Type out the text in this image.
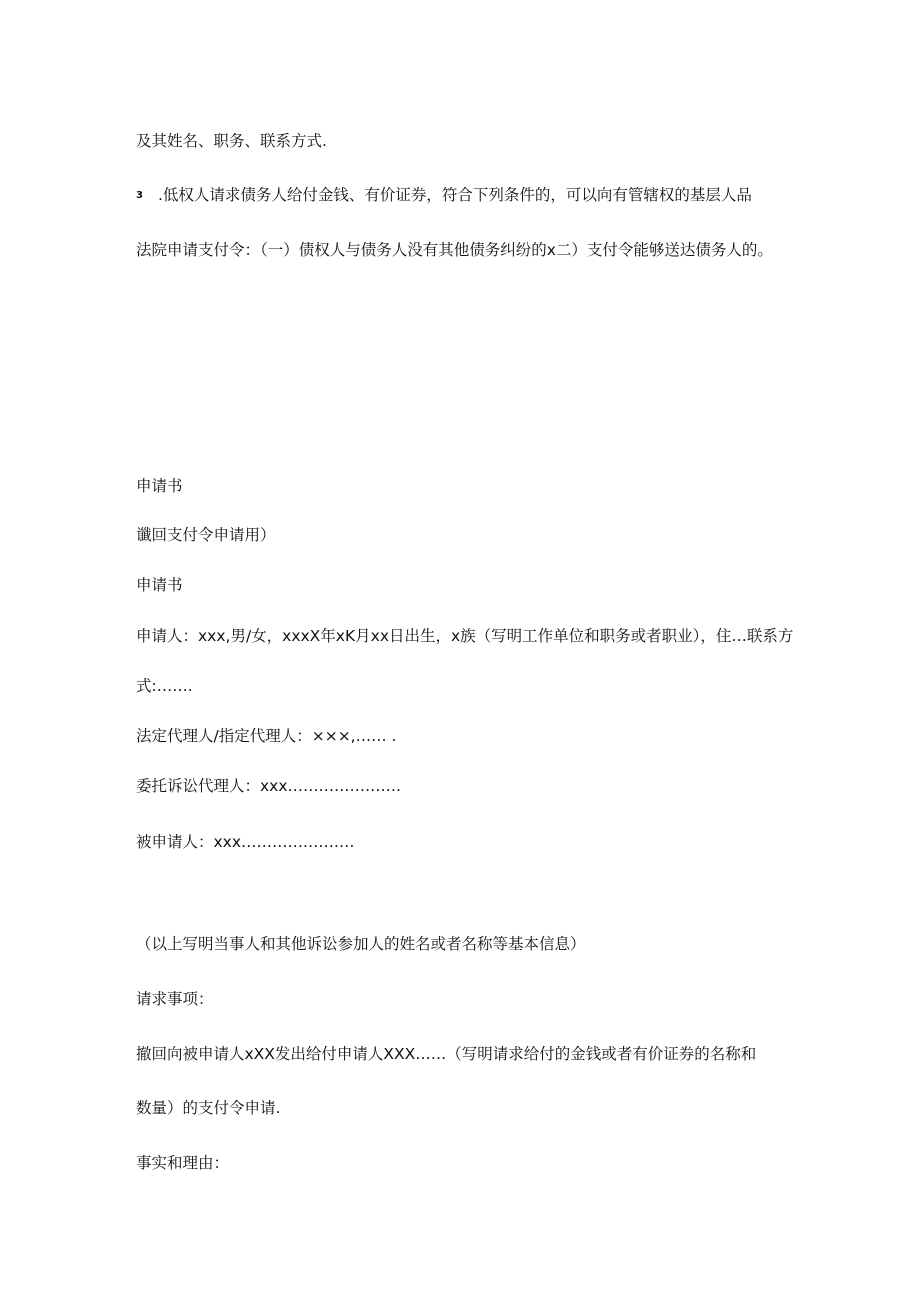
及其姓名、职务、联系方式.
3 .低权人请求债务人给付金钱、有价证券，符合下列条件的，可以向有管辖权的基层人品
法院申请支付令：（一）债权人与债务人没有其他债务纠纷的x二）支付令能够送达债务人的。
申请书
谶回支付令申请用）
申请书
申请人：xxx,男/女，xxxX年xK月xx日出生，x族（写明工作单位和职务或者职业），住…联系方
式:…….
法定代理人/指定代理人：×××,…… .
委托诉讼代理人：xxx………………….
被申请人：xxx………….………
（以上写明当事人和其他诉讼参加人的姓名或者名称等基本信息）
请求事项：
撤回向被申请人xXX发出给付申请人XXX……（写明请求给付的金钱或者有价证券的名称和
数量）的支付令申请.
事实和理由：
